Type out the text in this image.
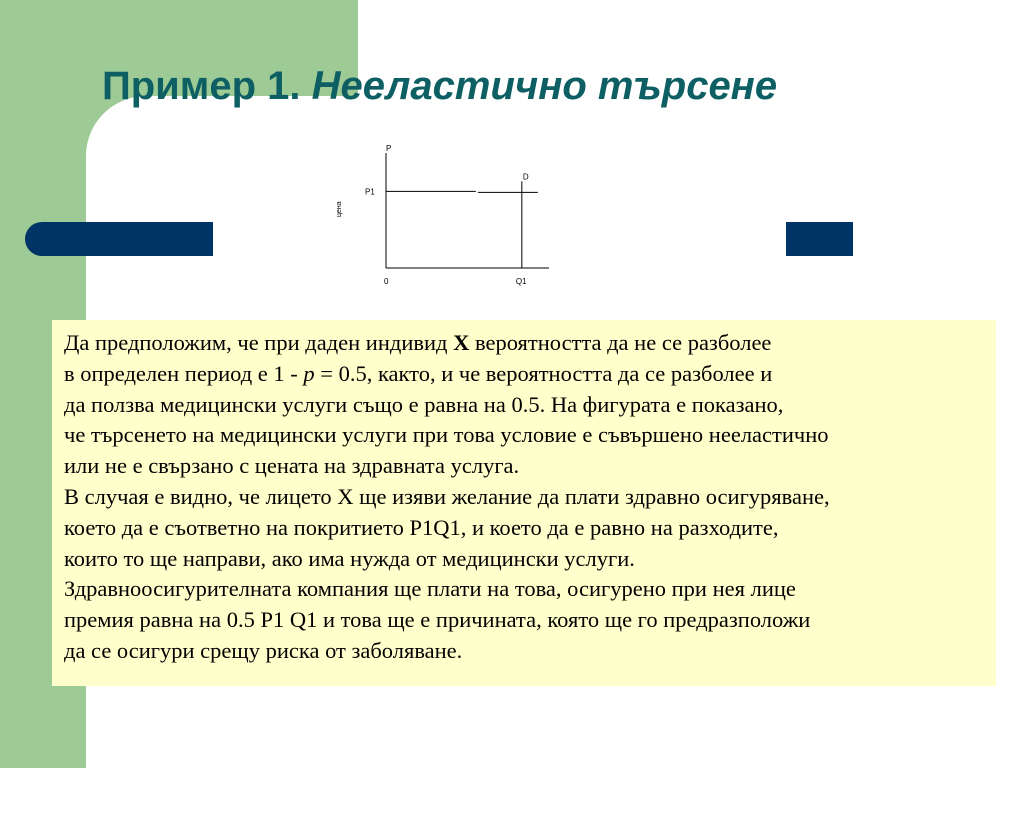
Пример 1. Нееластично търсене
P
цена
P1
D
Q1
0

Да предположим, че при даден индивид Х вероятността да не се разболее

в определен период е 1 - p = 0.5, както, и че вероятността да се разболее и

да ползва медицински услуги също е равна на 0.5. На фигурата е показано,

че търсенето на медицински услуги при това условие е съвършено нееластично

или не е свързано с цената на здравната услуга.

В случая е видно, че лицето Х ще изяви желание да плати здравно осигуряване,

което да е съответно на покритието P1Q1, и което да е равно на разходите,

които то ще направи, ако има нужда от медицински услуги.

Здравноосигурителната компания ще плати на това, осигурено при нея лице

премия равна на 0.5 P1 Q1 и това ще е причината, която ще го предразположи

да се осигури срещу риска от заболяване.
